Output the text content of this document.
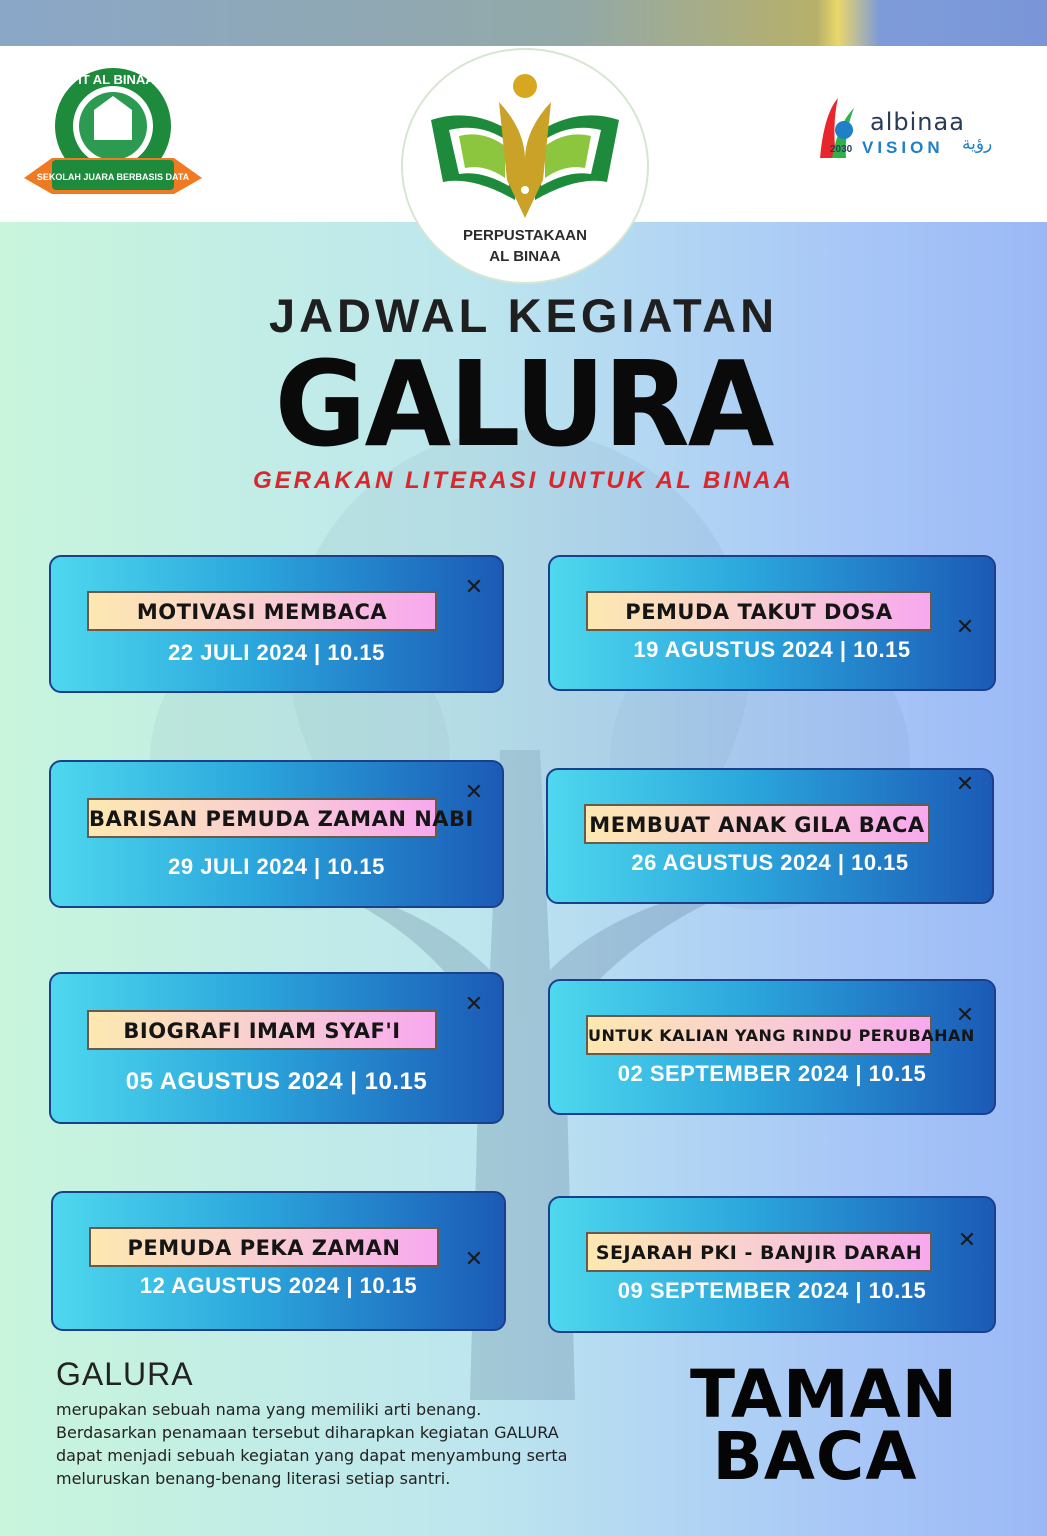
SMP IT AL BINAA IBS
SEKOLAH JUARA BERBASIS DATA
PERPUSTAKAAN
AL BINAA
albinaa
2030 VISION رؤية
JADWAL KEGIATAN
GALURA
GERAKAN LITERASI UNTUK AL BINAA
MOTIVASI MEMBACA
22 JULI 2024 | 10.15
✕
PEMUDA TAKUT DOSA
19 AGUSTUS 2024 | 10.15
✕
BARISAN PEMUDA ZAMAN NABI
29 JULI 2024 | 10.15
✕
MEMBUAT ANAK GILA BACA
26 AGUSTUS 2024 | 10.15
✕
BIOGRAFI IMAM SYAF'I
05 AGUSTUS 2024 | 10.15
✕
UNTUK KALIAN YANG RINDU PERUBAHAN
02 SEPTEMBER 2024 | 10.15
✕
PEMUDA PEKA ZAMAN
12 AGUSTUS 2024 | 10.15
✕	SEJARAH PKI - BANJIR DARAH
09 SEPTEMBER 2024 | 10.15
✕
GALURA
merupakan sebuah nama yang memiliki arti benang.
Berdasarkan penamaan tersebut diharapkan kegiatan GALURA
dapat menjadi sebuah kegiatan yang dapat menyambung serta
meluruskan benang-benang literasi setiap santri.
TAMAN
BACA
